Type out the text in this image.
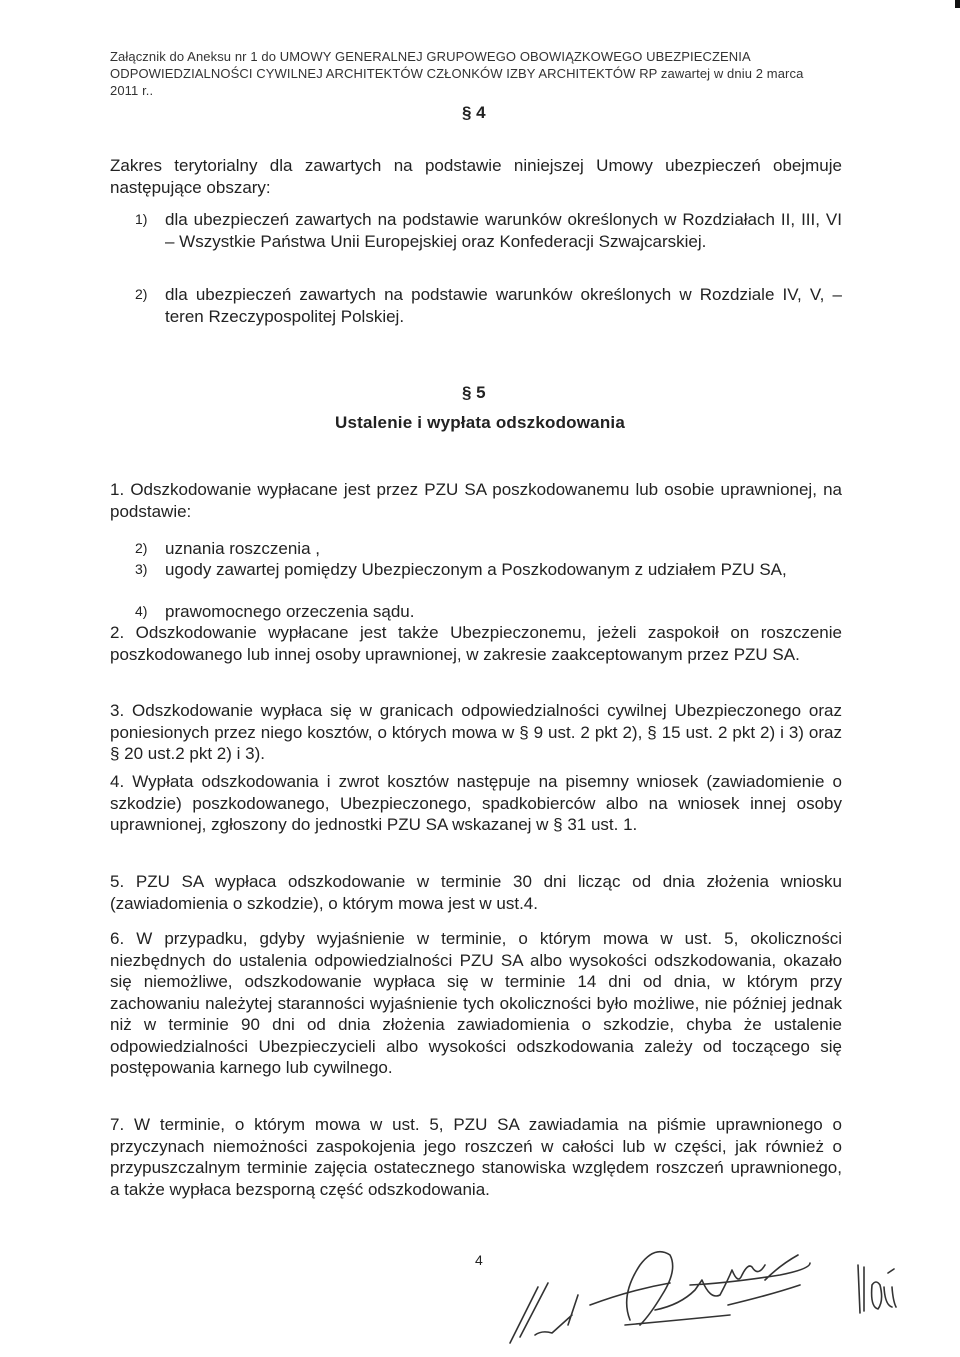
Załącznik do Aneksu nr 1 do UMOWY GENERALNEJ GRUPOWEGO OBOWIĄZKOWEGO UBEZPIECZENIA
ODPOWIEDZIALNOŚCI CYWILNEJ ARCHITEKTÓW CZŁONKÓW IZBY ARCHITEKTÓW RP zawartej w dniu 2 marca
2011 r..
§ 4
Zakres terytorialny dla zawartych na podstawie niniejszej Umowy ubezpieczeń obejmuje następujące obszary:
1)	dla ubezpieczeń zawartych na podstawie warunków określonych w Rozdziałach II, III, VI – Wszystkie Państwa Unii Europejskiej oraz Konfederacji Szwajcarskiej.
2)	dla ubezpieczeń zawartych na podstawie warunków określonych w Rozdziale IV, V, – teren Rzeczypospolitej Polskiej.
§ 5
Ustalenie i wypłata odszkodowania
1. Odszkodowanie wypłacane jest przez PZU SA poszkodowanemu lub osobie uprawnionej, na podstawie:
2)	uznania roszczenia ,
3)	ugody zawartej pomiędzy Ubezpieczonym a Poszkodowanym z udziałem PZU SA,
4)	prawomocnego orzeczenia sądu.
2. Odszkodowanie wypłacane jest także Ubezpieczonemu, jeżeli zaspokoił on roszczenie poszkodowanego lub innej osoby uprawnionej, w zakresie zaakceptowanym przez PZU SA.
3. Odszkodowanie wypłaca się w granicach odpowiedzialności cywilnej Ubezpieczonego oraz poniesionych przez niego kosztów, o których mowa w § 9 ust. 2 pkt 2), § 15 ust. 2 pkt 2) i 3) oraz § 20 ust.2 pkt 2) i 3).
4. Wypłata odszkodowania i zwrot kosztów następuje na pisemny wniosek (zawiadomienie o szkodzie) poszkodowanego, Ubezpieczonego, spadkobierców albo na wniosek innej osoby uprawnionej, zgłoszony do jednostki PZU SA wskazanej w § 31 ust. 1.
5. PZU SA wypłaca odszkodowanie w terminie 30 dni licząc od dnia złożenia wniosku (zawiadomienia o szkodzie), o którym mowa jest w ust.4.
6. W przypadku, gdyby wyjaśnienie w terminie, o którym mowa w ust. 5, okoliczności niezbędnych do ustalenia odpowiedzialności PZU SA albo wysokości odszkodowania, okazało się niemożliwe, odszkodowanie wypłaca się w terminie 14 dni od dnia, w którym przy zachowaniu należytej staranności wyjaśnienie tych okoliczności było możliwe, nie później jednak niż w terminie 90 dni od dnia złożenia zawiadomienia o szkodzie, chyba że ustalenie odpowiedzialności Ubezpieczycieli albo wysokości odszkodowania zależy od toczącego się postępowania karnego lub cywilnego.
7. W terminie, o którym mowa w ust. 5, PZU SA zawiadamia na piśmie uprawnionego o przyczynach niemożności zaspokojenia jego roszczeń w całości lub w części, jak również o przypuszczalnym terminie zajęcia ostatecznego stanowiska względem roszczeń uprawnionego, a także wypłaca bezsporną część odszkodowania.
4
